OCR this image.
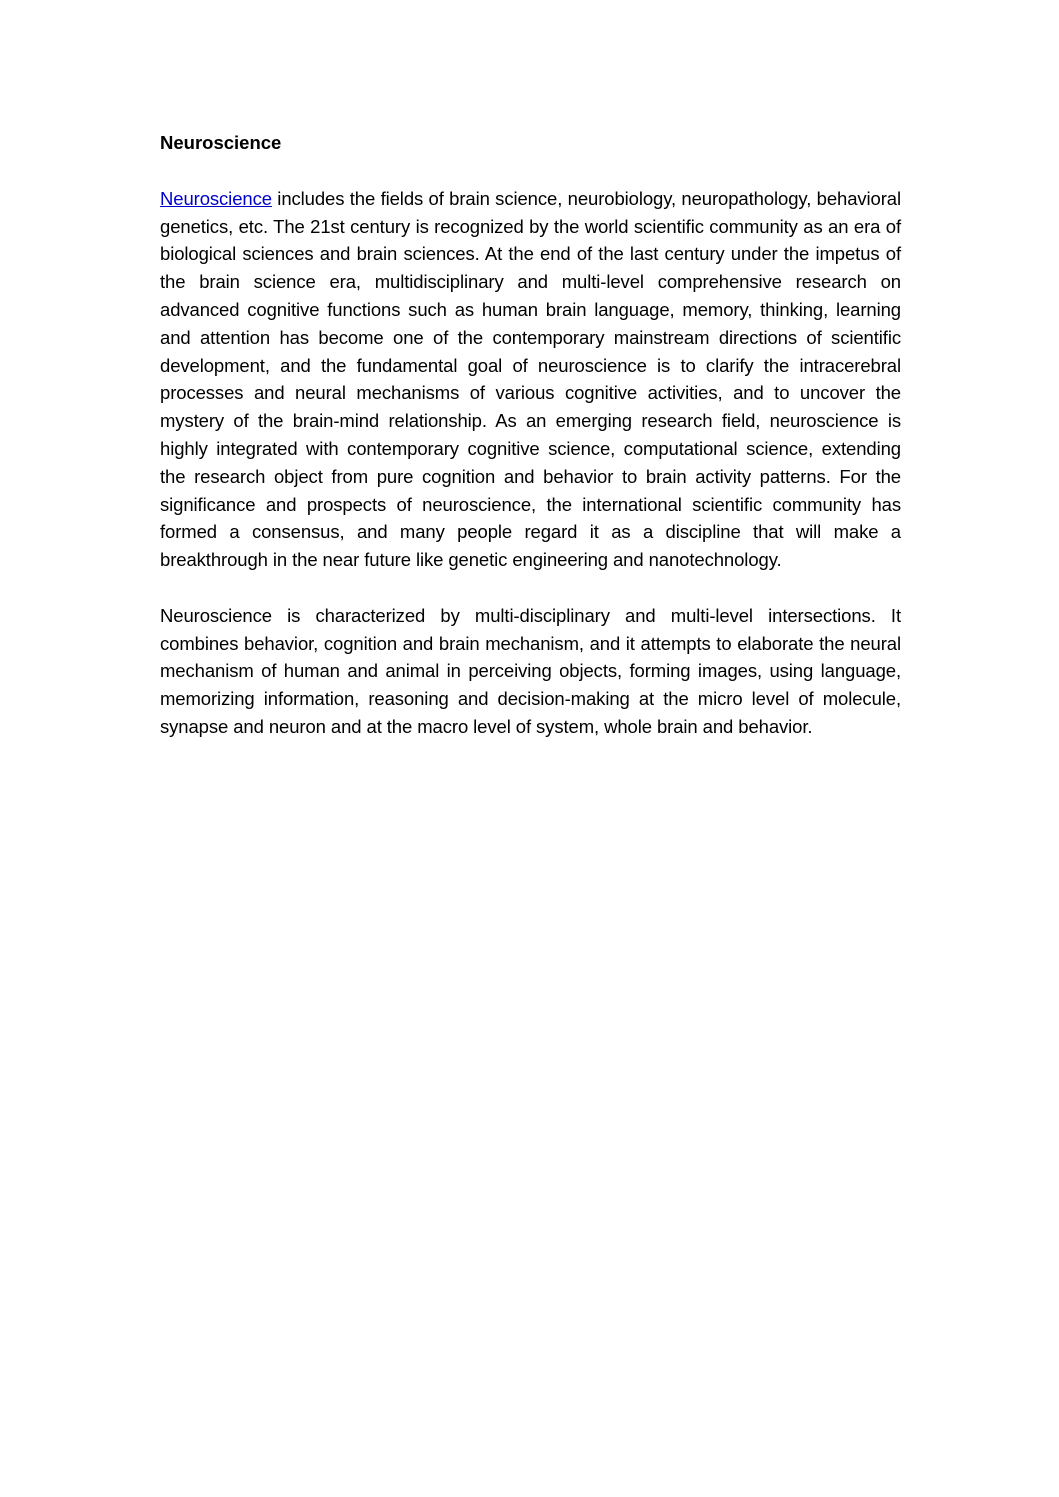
Neuroscience

Neuroscience includes the fields of brain science, neurobiology, neuropathology, behavioral genetics, etc. The 21st century is recognized by the world scientific community as an era of biological sciences and brain sciences. At the end of the last century under the impetus of the brain science era, multidisciplinary and multi-level comprehensive research on advanced cognitive functions such as human brain language, memory, thinking, learning and attention has become one of the contemporary mainstream directions of scientific development, and the fundamental goal of neuroscience is to clarify the intracerebral processes and neural mechanisms of various cognitive activities, and to uncover the mystery of the brain-mind relationship. As an emerging research field, neuroscience is highly integrated with contemporary cognitive science, computational science, extending the research object from pure cognition and behavior to brain activity patterns. For the significance and prospects of neuroscience, the international scientific community has formed a consensus, and many people regard it as a discipline that will make a breakthrough in the near future like genetic engineering and nanotechnology.

Neuroscience is characterized by multi-disciplinary and multi-level intersections. It combines behavior, cognition and brain mechanism, and it attempts to elaborate the neural mechanism of human and animal in perceiving objects, forming images, using language, memorizing information, reasoning and decision-making at the micro level of molecule, synapse and neuron and at the macro level of system, whole brain and behavior.
